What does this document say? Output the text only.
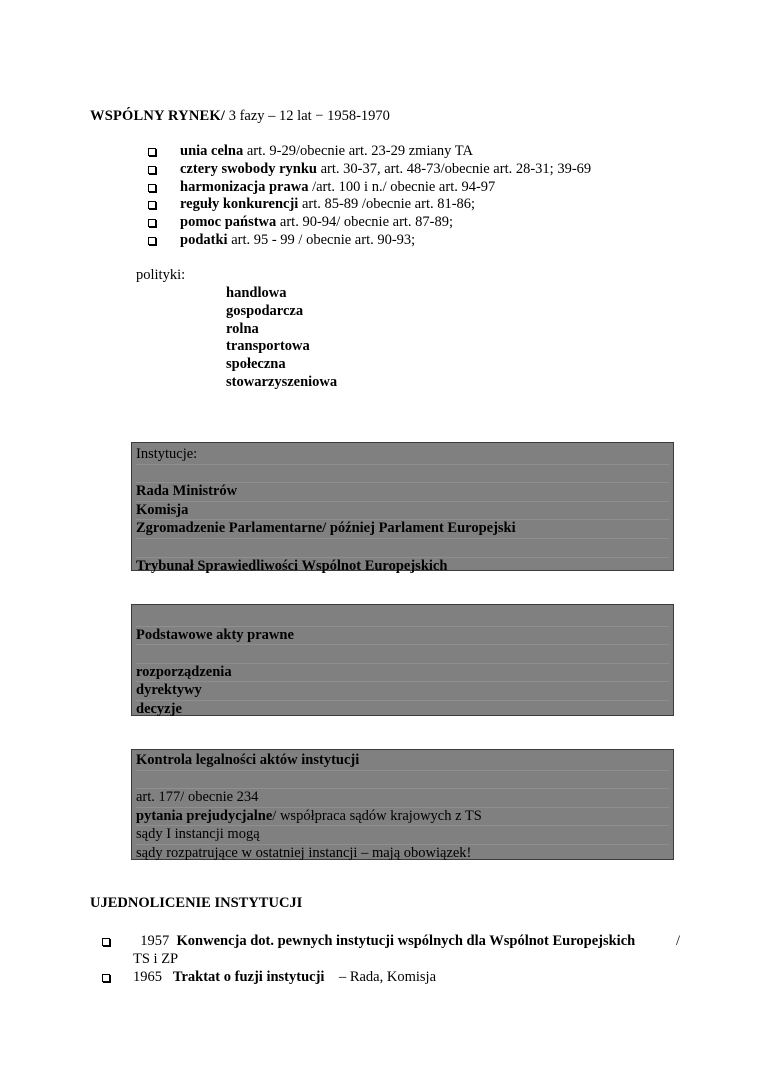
WSPÓLNY RYNEK/ 3 fazy – 12 lat − 1958-1970
unia celna art. 9-29/obecnie art. 23-29 zmiany TA
cztery swobody rynku art. 30-37, art. 48-73/obecnie art. 28-31; 39-69
harmonizacja prawa /art. 100 i n./ obecnie art. 94-97
reguły konkurencji art. 85-89 /obecnie art. 81-86;
pomoc państwa art. 90-94/ obecnie art. 87-89;
podatki art. 95 - 99 / obecnie art. 90-93;
polityki:
handlowa
gospodarcza
rolna
transportowa
społeczna
stowarzyszeniowa
Instytucje:
Rada Ministrów
Komisja
Zgromadzenie Parlamentarne/ później Parlament Europejski
Trybunał Sprawiedliwości Wspólnot Europejskich
Podstawowe akty prawne
rozporządzenia
dyrektywy
decyzje
Kontrola legalności aktów instytucji
art. 177/ obecnie 234
pytania prejudycjalne/ współpraca sądów krajowych z TS
sądy I instancji mogą
sądy rozpatrujące w ostatniej instancji – mają obowiązek!
UJEDNOLICENIE INSTYTUCJI
1957 Konwencja dot. pewnych instytucji wspólnych dla Wspólnot Europejskich	/
TS i ZP
1965 Traktat o fuzji instytucji – Rada, Komisja
